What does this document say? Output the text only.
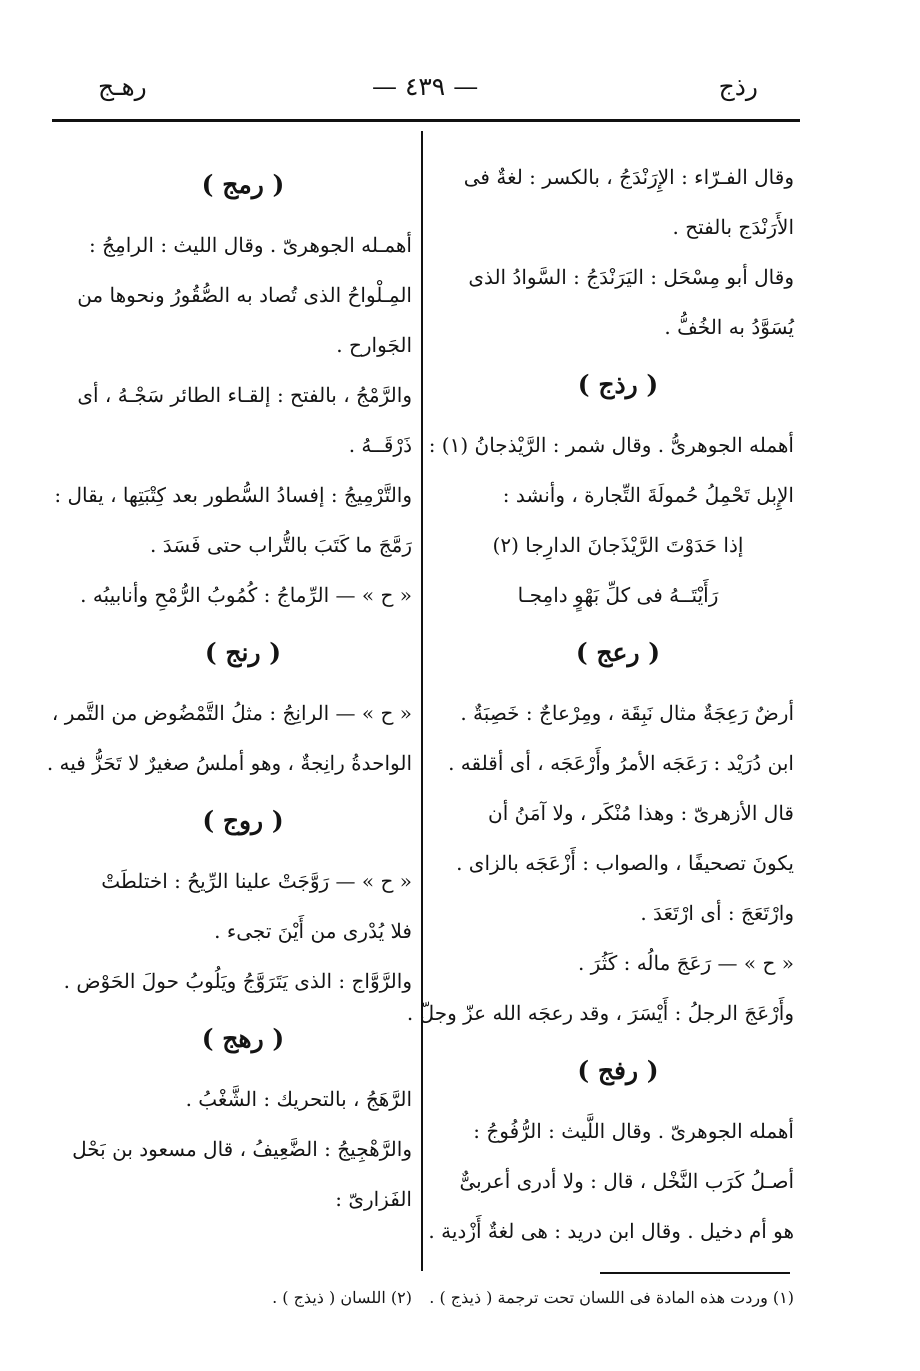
رذج
— ٤٣٩ —
رهـج
وقال الفـرّاء : الإِرَنْدَجُ ، بالكسر : لغةٌ فى
الأَرَنْدَج بالفتح .
وقال أبو مِسْحَل : اليَرَنْدَجُ : السَّوادُ الذى
يُسَوَّدُ به الخُفُّ .
( رذج )
أهمله الجوهرىُّ . وقال شمر : الرَّيْذجانُ (١) :
الإِبل تَحْمِلُ حُمولَةَ التِّجارة ، وأنشد :
إذا حَدَوْتَ الرَّيْذَجانَ الدارِجا (٢)
رَأَيْتَــهُ فى كلِّ بَهْوٍ دامِجـا
( رعج )
أرضٌ رَعِجَةٌ مثال نَبِقَة ، ومِرْعاجٌ : خَصِبَةٌ .
ابن دُرَيْد : رَعَجَه الأمرُ وأَرْعَجَه ، أى أقلقه .
قال الأزهرىّ : وهذا مُنْكَر ، ولا آمَنُ أن
يكونَ تصحيفًا ، والصواب : أَزْعَجَه بالزاى .
وارْتَعَجَ : أى ارْتَعَدَ .
« ح » — رَعَجَ مالُه : كَثُرَ .
وأَرْعَجَ الرجلُ : أَيْسَرَ ، وقد رعجَه الله عزّ وجلّ .
( رفج )
أهمله الجوهرىّ . وقال اللَّيث : الرُّفُوجُ :
أصـلُ كَرَب النَّخْل ، قال : ولا أدرى أعربىٌّ
هو أم دخيل . وقال ابن دريد : هى لغةٌ أَزْدية .
( رمج )
أهمـله الجوهرىّ . وقال الليث : الرامِجُ :
المِـلْواحُ الذى تُصاد به الصُّقُورُ ونحوها من
الجَوارح .
والرَّمْجُ ، بالفتح : إلقـاء الطائر سَجْـهُ ، أى
ذَرْقَــهُ .
والتَّرْمِيجُ : إفسادُ السُّطور بعد كِتْبَتِها ، يقال :
رَمَّجَ ما كَتَبَ بالتُّراب حتى فَسَدَ .
« ح » — الرِّماجُ : كُمُوبُ الرُّمْحِ وأنابيبُه .
( رنج )
« ح » — الرانِجُ : مثلُ التَّمْضُوض من التَّمر ،
الواحدةُ رانِجةٌ ، وهو أملسُ صغيرٌ لا تَحَزُّ فيه .
( روج )
« ح » — رَوَّجَتْ علينا الرِّيحُ : اختلطَتْ
فلا يُدْرى من أَيْنَ تجىء .
والرَّوَّاج : الذى يَتَرَوَّجُ ويَلُوبُ حولَ الحَوْض .
( رهج )
الرَّهَجُ ، بالتحريك : الشَّغْبُ .
والرَّهْجِيجُ : الضَّعِيفُ ، قال مسعود بن بَحْل
الفَزارىّ :
(١) وردت هذه المادة فى اللسان تحت ترجمة ( ذيذج ) .
(٢) اللسان ( ذيذج ) .
